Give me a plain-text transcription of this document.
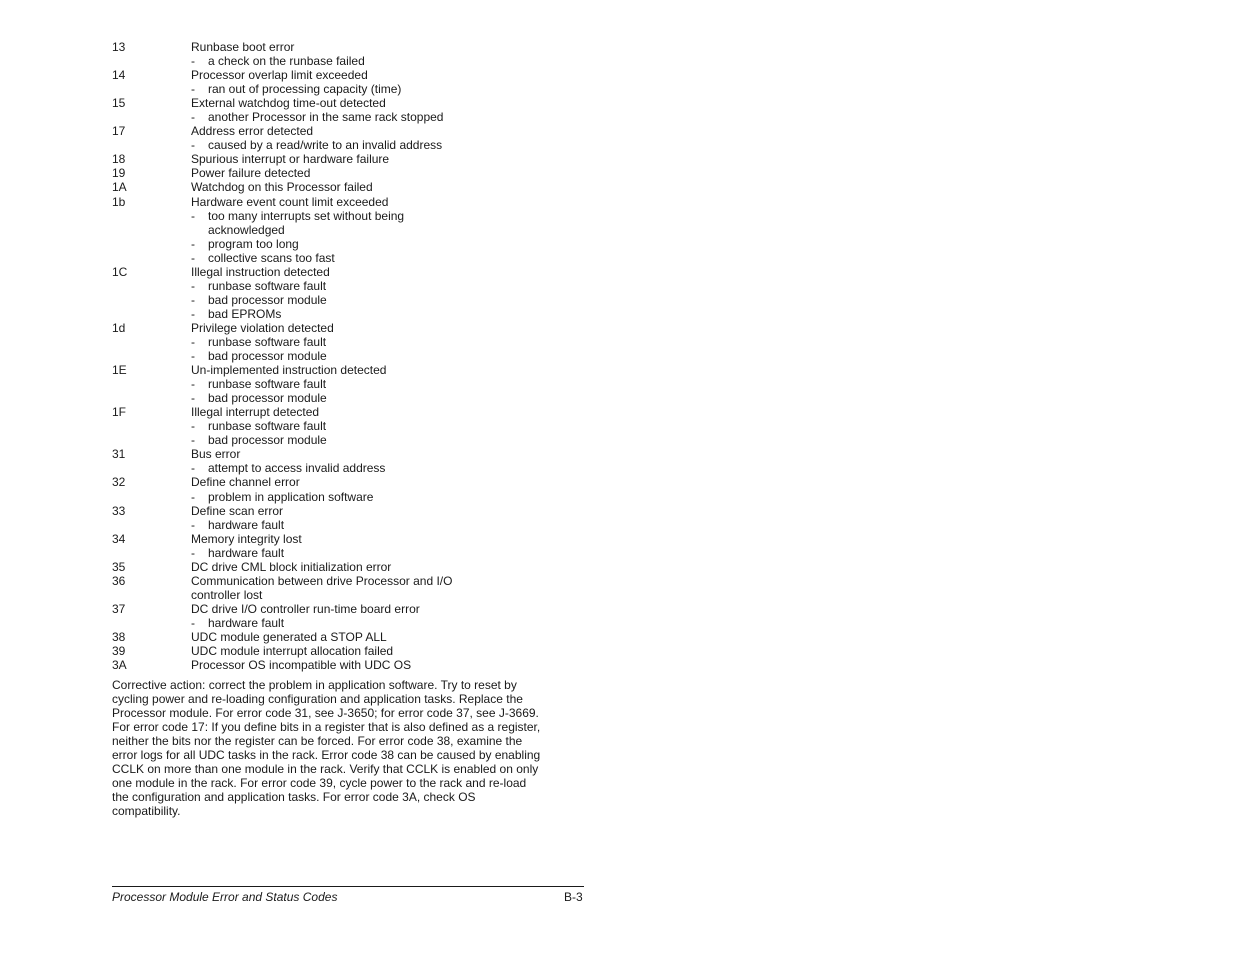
13	Runbase boot error
- a check on the runbase failed
14	Processor overlap limit exceeded
- ran out of processing capacity (time)
15	External watchdog time-out detected
- another Processor in the same rack stopped
17	Address error detected
- caused by a read/write to an invalid address
18	Spurious interrupt or hardware failure
19	Power failure detected
1A	Watchdog on this Processor failed
1b	Hardware event count limit exceeded
- too many interrupts set without being
acknowledged
- program too long
- collective scans too fast
1C	Illegal instruction detected
- runbase software fault
- bad processor module
- bad EPROMs
1d	Privilege violation detected
- runbase software fault
- bad processor module
1E	Un-implemented instruction detected
- runbase software fault
- bad processor module
1F	Illegal interrupt detected
- runbase software fault
- bad processor module
31	Bus error
- attempt to access invalid address
32	Define channel error
- problem in application software
33	Define scan error
- hardware fault
34	Memory integrity lost
- hardware fault
35	DC drive CML block initialization error
36	Communication between drive Processor and I/O
controller lost
37	DC drive I/O controller run-time board error
- hardware fault
38	UDC module generated a STOP ALL
39	UDC module interrupt allocation failed
3A	Processor OS incompatible with UDC OS
Corrective action: correct the problem in application software. Try to reset by
cycling power and re-loading configuration and application tasks. Replace the
Processor module. For error code 31, see J-3650; for error code 37, see J-3669.
For error code 17: If you define bits in a register that is also defined as a register,
neither the bits nor the register can be forced. For error code 38, examine the
error logs for all UDC tasks in the rack. Error code 38 can be caused by enabling
CCLK on more than one module in the rack. Verify that CCLK is enabled on only
one module in the rack. For error code 39, cycle power to the rack and re-load
the configuration and application tasks. For error code 3A, check OS
compatibility.
Processor Module Error and Status Codes	B-3
